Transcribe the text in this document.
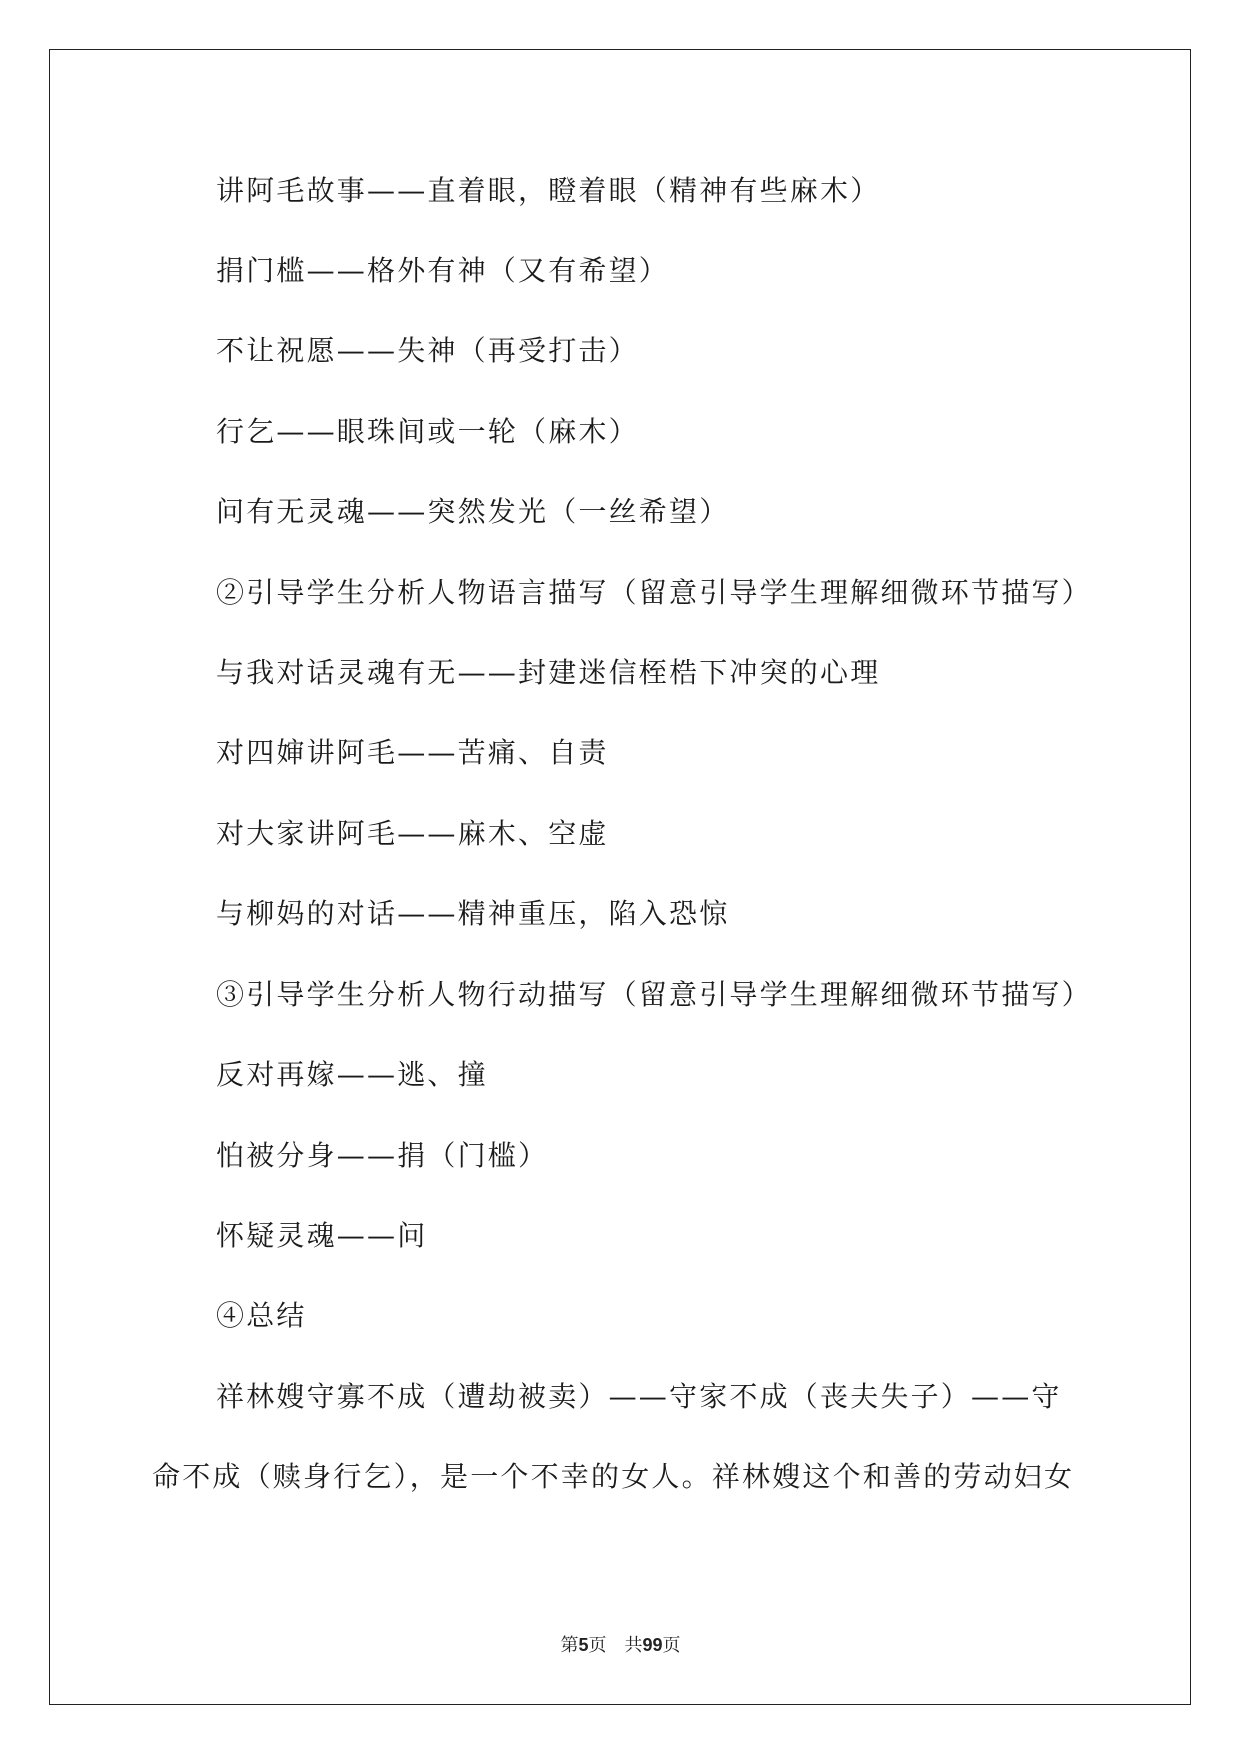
讲阿毛故事——直着眼，瞪着眼（精神有些麻木）
捐门槛——格外有神（又有希望）
不让祝愿——失神（再受打击）
行乞——眼珠间或一轮（麻木）
问有无灵魂——突然发光（一丝希望）
②引导学生分析人物语言描写（留意引导学生理解细微环节描写）
与我对话灵魂有无——封建迷信桎梏下冲突的心理
对四婶讲阿毛——苦痛、自责
对大家讲阿毛——麻木、空虚
与柳妈的对话——精神重压，陷入恐惊
③引导学生分析人物行动描写（留意引导学生理解细微环节描写）
反对再嫁——逃、撞
怕被分身——捐（门槛）
怀疑灵魂——问
④总结
祥林嫂守寡不成（遭劫被卖）——守家不成（丧夫失子）——守
命不成（赎身行乞），是一个不幸的女人。祥林嫂这个和善的劳动妇女
第5页　共99页
